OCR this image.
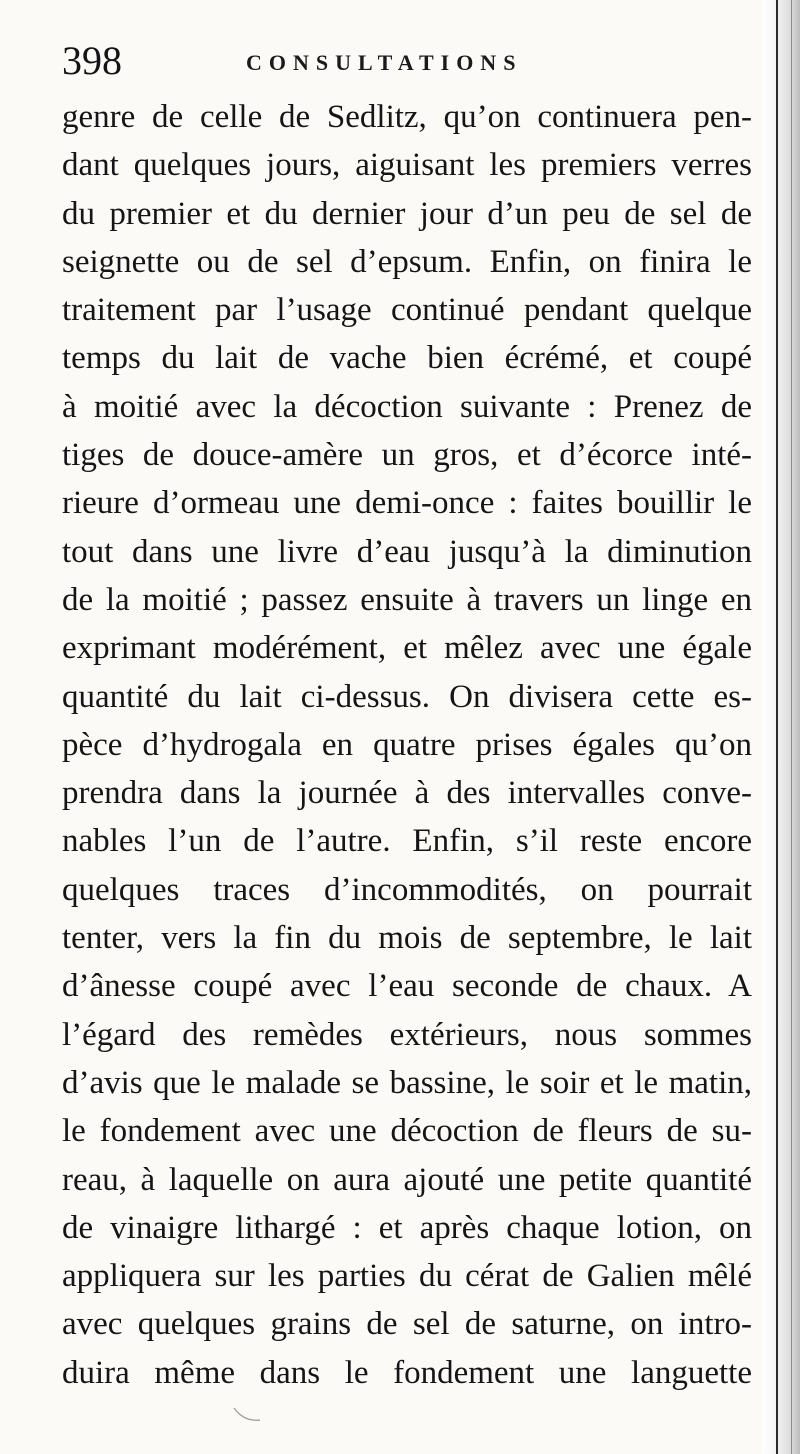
398	CONSULTATIONS
genre de celle de Sedlitz, qu’on continuera pen-
dant quelques jours, aiguisant les premiers verres
du premier et du dernier jour d’un peu de sel de
seignette ou de sel d’epsum. Enfin, on finira le
traitement par l’usage continué pendant quelque
temps du lait de vache bien écrémé, et coupé
à moitié avec la décoction suivante : Prenez de
tiges de douce-amère un gros, et d’écorce inté-
rieure d’ormeau une demi-once : faites bouillir le
tout dans une livre d’eau jusqu’à la diminution
de la moitié ; passez ensuite à travers un linge en
exprimant modérément, et mêlez avec une égale
quantité du lait ci-dessus. On divisera cette es-
pèce d’hydrogala en quatre prises égales qu’on
prendra dans la journée à des intervalles conve-
nables l’un de l’autre. Enfin, s’il reste encore
quelques traces d’incommodités, on pourrait
tenter, vers la fin du mois de septembre, le lait
d’ânesse coupé avec l’eau seconde de chaux. A
l’égard des remèdes extérieurs, nous sommes
d’avis que le malade se bassine, le soir et le matin,
le fondement avec une décoction de fleurs de su-
reau, à laquelle on aura ajouté une petite quantité
de vinaigre lithargé : et après chaque lotion, on
appliquera sur les parties du cérat de Galien mêlé
avec quelques grains de sel de saturne, on intro-
duira même dans le fondement une languette
